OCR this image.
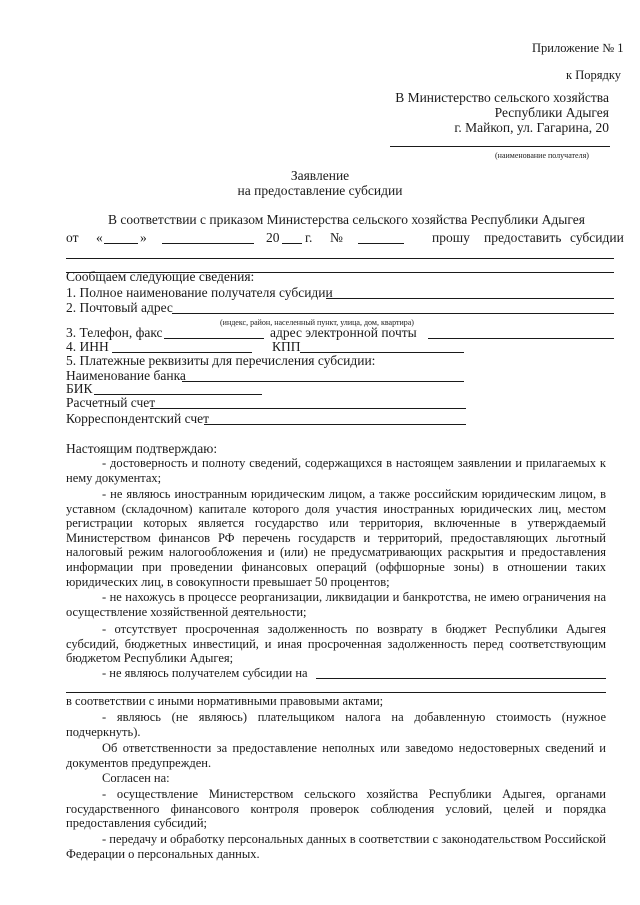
Приложение № 1
к Порядку
В Министерство сельского хозяйства
Республики Адыгея
г. Майкоп, ул. Гагарина, 20
(наименование получателя)
Заявление
на предоставление субсидии
В соответствии с приказом Министерства сельского хозяйства Республики Адыгея
от «	»	20 г. №	прошу предоставить субсидии
Сообщаем следующие сведения:
1. Полное наименование получателя субсидии
2. Почтовый адрес
(индекс, район, населенный пункт, улица, дом, квартира)
3. Телефон, факс	адрес электронной почты
4. ИНН	КПП
5. Платежные реквизиты для перечисления субсидии:
Наименование банка
БИК
Расчетный счет
Корреспондентский счет
Настоящим подтверждаю:
- достоверность и полноту сведений, содержащихся в настоящем заявлении и прилагаемых к нему документах;
- не являюсь иностранным юридическим лицом, а также российским юридическим лицом, в уставном (складочном) капитале которого доля участия иностранных юридических лиц, местом регистрации которых является государство или территория, включенные в утверждаемый Министерством финансов РФ перечень государств и территорий, предоставляющих льготный налоговый режим налогообложения и (или) не предусматривающих раскрытия и предоставления информации при проведении финансовых операций (оффшорные зоны) в отношении таких юридических лиц, в совокупности превышает 50 процентов;
- не нахожусь в процессе реорганизации, ликвидации и банкротства, не имею ограничения на осуществление хозяйственной деятельности;
- отсутствует просроченная задолженность по возврату в бюджет Республики Адыгея субсидий, бюджетных инвестиций, и иная просроченная задолженность перед соответствующим бюджетом Республики Адыгея;
- не являюсь получателем субсидии на
в соответствии с иными нормативными правовыми актами;
- являюсь (не являюсь) плательщиком налога на добавленную стоимость (нужное подчеркнуть).
Об ответственности за предоставление неполных или заведомо недостоверных сведений и документов предупрежден.
Согласен на:
- осуществление Министерством сельского хозяйства Республики Адыгея, органами государственного финансового контроля проверок соблюдения условий, целей и порядка предоставления субсидий;
- передачу и обработку персональных данных в соответствии с законодательством Российской Федерации о персональных данных.
